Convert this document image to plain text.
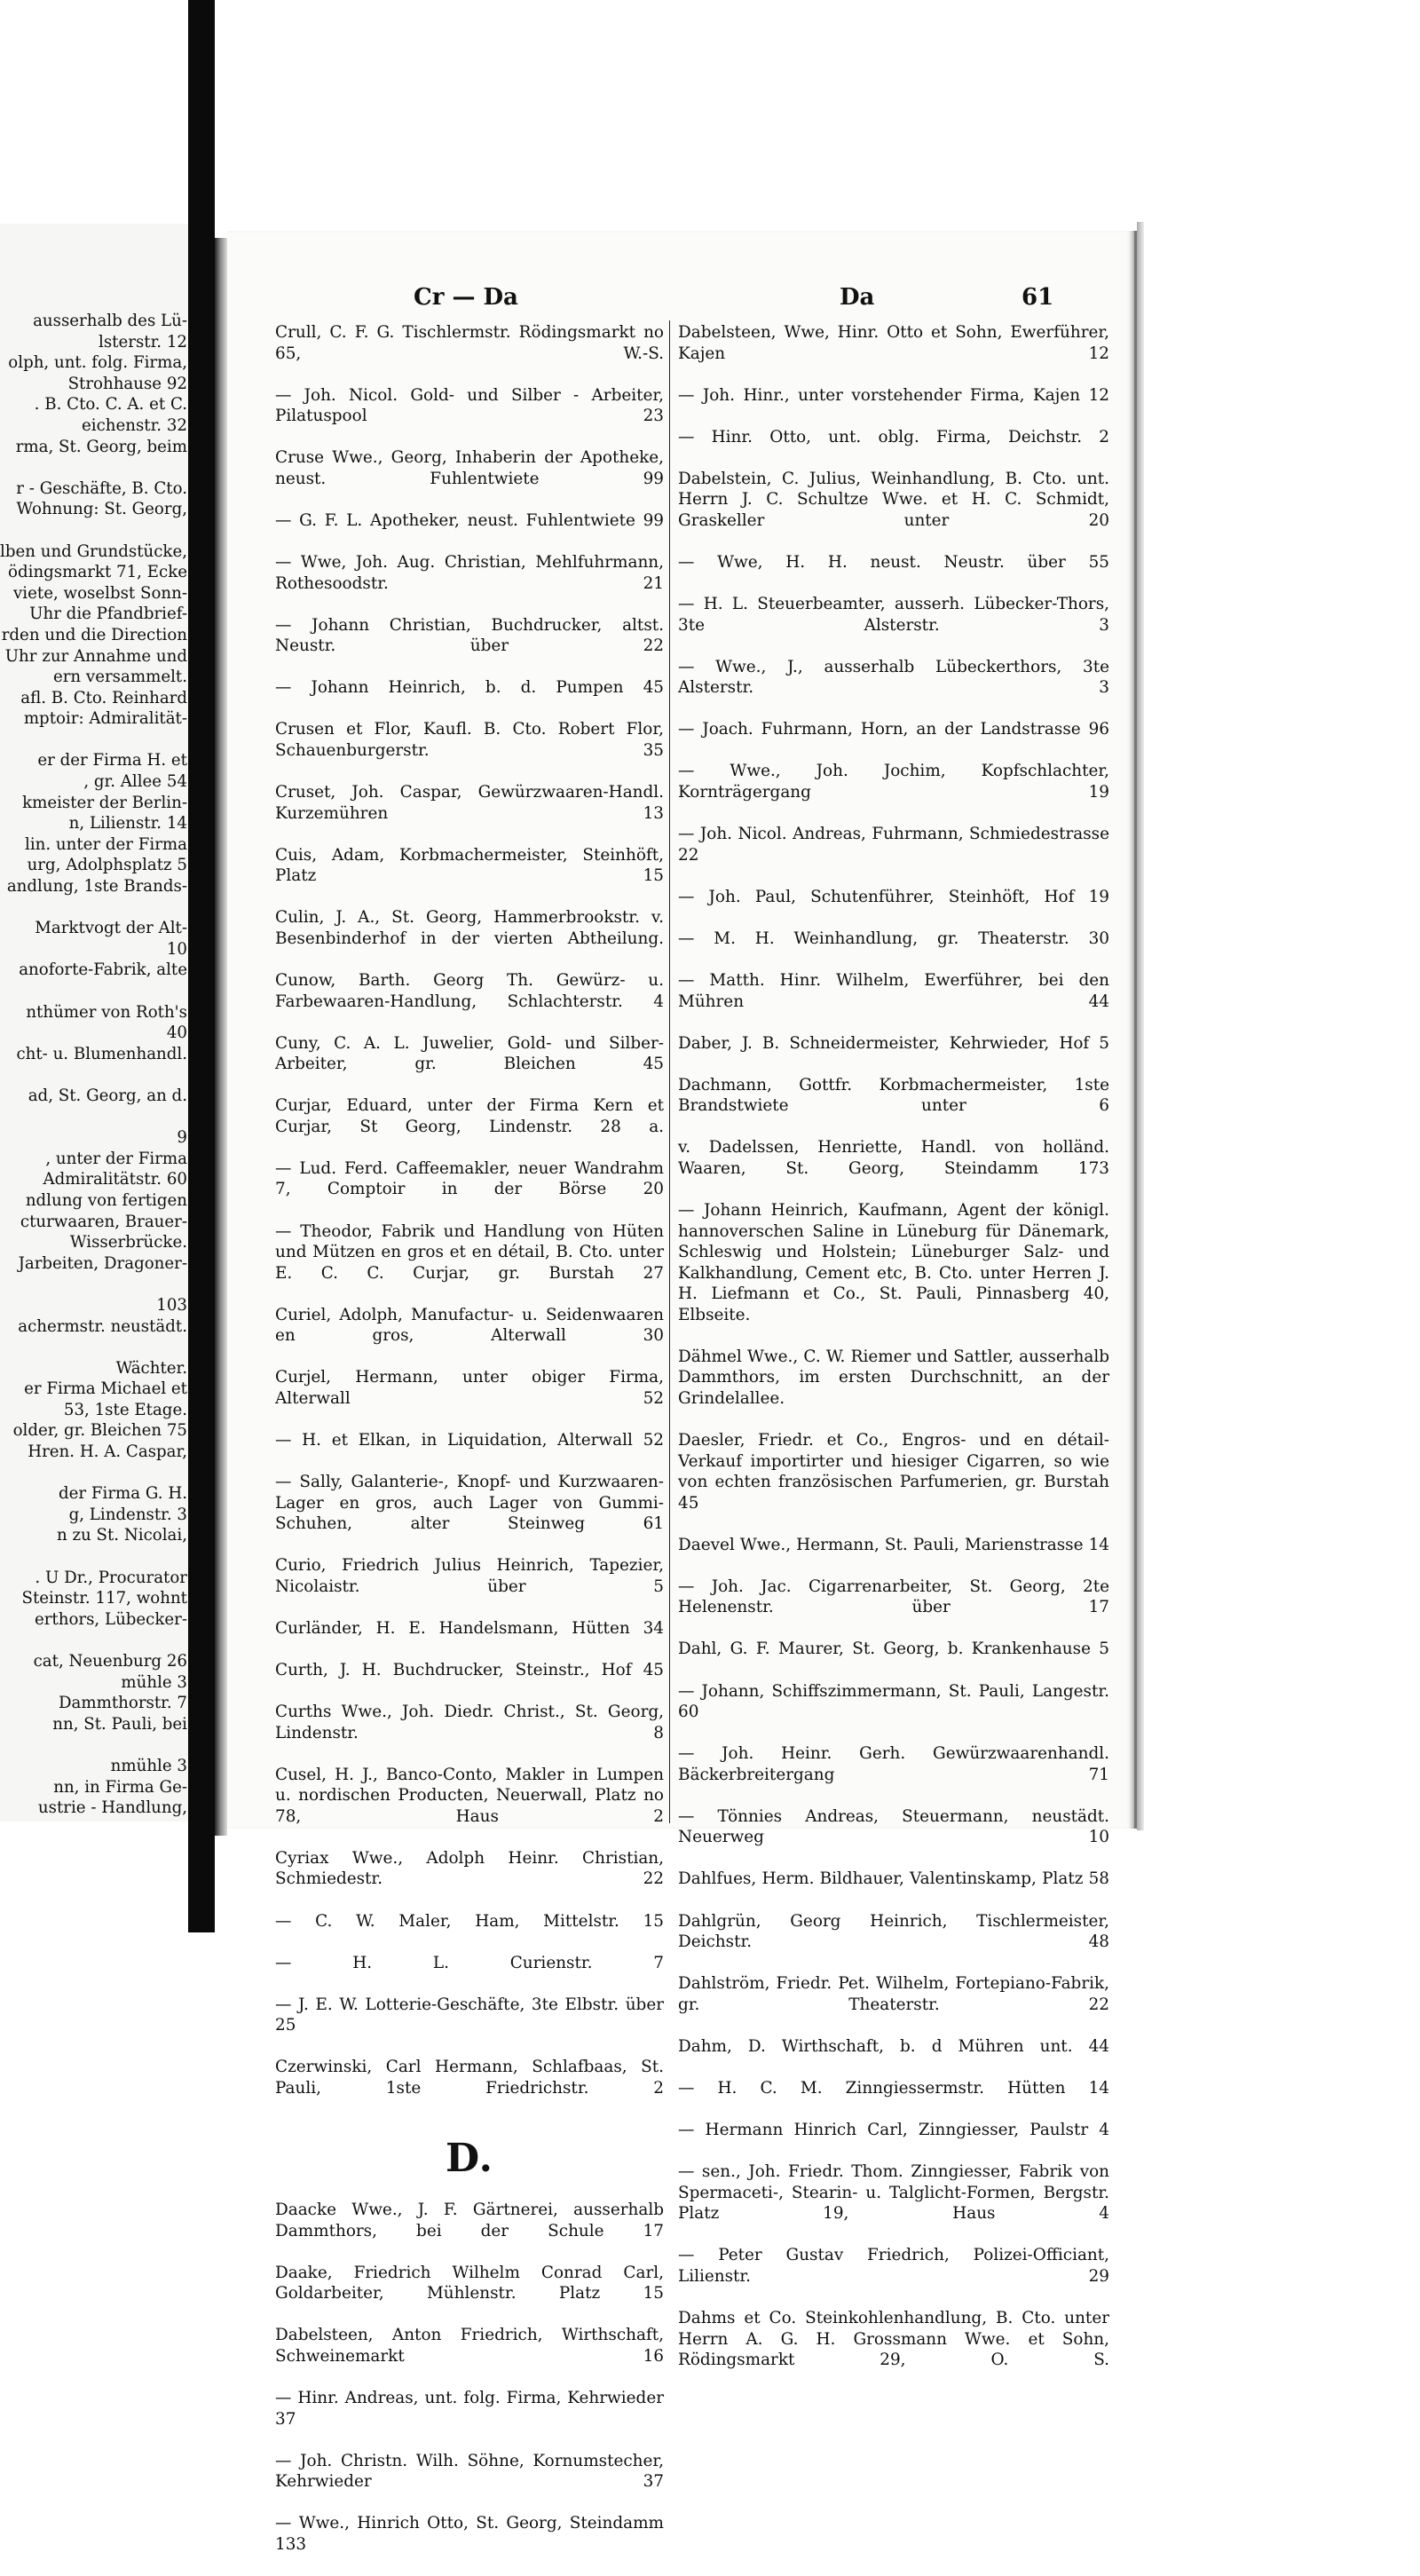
ausserhalb des Lü-
lsterstr. 12
olph, unt. folg. Firma,
Strohhause 92
. B. Cto. C. A. et C.
eichenstr. 32
rma, St. Georg, beim

r - Geschäfte, B. Cto.
Wohnung: St. Georg,

lben und Grundstücke,
ödingsmarkt 71, Ecke
viete, woselbst Sonn-
Uhr die Pfandbrief-
rden und die Direction
Uhr zur Annahme und
ern versammelt.
afl. B. Cto. Reinhard
mptoir: Admiralität-

er der Firma H. et
, gr. Allee 54
kmeister der Berlin-
n, Lilienstr. 14
lin. unter der Firma
urg, Adolphsplatz 5
andlung, 1ste Brands-

Marktvogt der Alt-
10
anoforte-Fabrik, alte

nthümer von Roth's
40
cht- u. Blumenhandl.

ad, St. Georg, an d.

9
, unter der Firma
Admiralitätstr. 60
ndlung von fertigen
cturwaaren, Brauer-
Wisserbrücke.
Jarbeiten, Dragoner-

103
achermstr. neustädt.

Wächter.
er Firma Michael et
53, 1ste Etage.
older, gr. Bleichen 75
Hren. H. A. Caspar,

der Firma G. H.
g, Lindenstr. 3
n zu St. Nicolai,

. U Dr., Procurator
Steinstr. 117, wohnt
erthors, Lübecker-

cat, Neuenburg 26
mühle 3
Dammthorstr. 7
nn, St. Pauli, bei

nmühle 3
nn, in Firma Ge-
ustrie - Handlung,
Cr — Da	Da	61
Crull, C. F. G. Tischlermstr. Rödingsmarkt no 65, W.-S.
— Joh. Nicol. Gold- und Silber - Arbeiter, Pilatuspool 23
Cruse Wwe., Georg, Inhaberin der Apotheke, neust. Fuhlentwiete 99
— G. F. L. Apotheker, neust. Fuhlentwiete 99
— Wwe, Joh. Aug. Christian, Mehlfuhrmann, Rothesoodstr. 21
— Johann Christian, Buchdrucker, altst. Neustr. über 22
— Johann Heinrich, b. d. Pumpen 45
Crusen et Flor, Kaufl. B. Cto. Robert Flor, Schauenburgerstr. 35
Cruset, Joh. Caspar, Gewürzwaaren-Handl. Kurzemühren 13
Cuis, Adam, Korbmachermeister, Steinhöft, Platz 15
Culin, J. A., St. Georg, Hammerbrookstr. v. Besenbinderhof in der vierten Abtheilung.
Cunow, Barth. Georg Th. Gewürz- u. Farbewaaren-Handlung, Schlachterstr. 4
Cuny, C. A. L. Juwelier, Gold- und Silber-Arbeiter, gr. Bleichen 45
Curjar, Eduard, unter der Firma Kern et Curjar, St Georg, Lindenstr. 28 a.
— Lud. Ferd. Caffeemakler, neuer Wandrahm 7, Comptoir in der Börse 20
— Theodor, Fabrik und Handlung von Hüten und Mützen en gros et en détail, B. Cto. unter E. C. C. Curjar, gr. Burstah 27
Curiel, Adolph, Manufactur- u. Seidenwaaren en gros, Alterwall 30
Curjel, Hermann, unter obiger Firma, Alterwall 52
— H. et Elkan, in Liquidation, Alterwall 52
— Sally, Galanterie-, Knopf- und Kurzwaaren-Lager en gros, auch Lager von Gummi-Schuhen, alter Steinweg 61
Curio, Friedrich Julius Heinrich, Tapezier, Nicolaistr. über 5
Curländer, H. E. Handelsmann, Hütten 34
Curth, J. H. Buchdrucker, Steinstr., Hof 45
Curths Wwe., Joh. Diedr. Christ., St. Georg, Lindenstr. 8
Cusel, H. J., Banco-Conto, Makler in Lumpen u. nordischen Producten, Neuerwall, Platz no 78, Haus 2
Cyriax Wwe., Adolph Heinr. Christian, Schmiedestr. 22
— C. W. Maler, Ham, Mittelstr. 15
— H. L. Curienstr. 7
— J. E. W. Lotterie-Geschäfte, 3te Elbstr. über 25
Czerwinski, Carl Hermann, Schlafbaas, St. Pauli, 1ste Friedrichstr. 2
D.
Daacke Wwe., J. F. Gärtnerei, ausserhalb Dammthors, bei der Schule 17
Daake, Friedrich Wilhelm Conrad Carl, Goldarbeiter, Mühlenstr. Platz 15
Dabelsteen, Anton Friedrich, Wirthschaft, Schweinemarkt 16
— Hinr. Andreas, unt. folg. Firma, Kehrwieder 37
— Joh. Christn. Wilh. Söhne, Kornumstecher, Kehrwieder 37
— Wwe., Hinrich Otto, St. Georg, Steindamm 133
Dabelsteen, Wwe, Hinr. Otto et Sohn, Ewerführer, Kajen 12
— Joh. Hinr., unter vorstehender Firma, Kajen 12
— Hinr. Otto, unt. oblg. Firma, Deichstr. 2
Dabelstein, C. Julius, Weinhandlung, B. Cto. unt. Herrn J. C. Schultze Wwe. et H. C. Schmidt, Graskeller unter 20
— Wwe, H. H. neust. Neustr. über 55
— H. L. Steuerbeamter, ausserh. Lübecker-Thors, 3te Alsterstr. 3
— Wwe., J., ausserhalb Lübeckerthors, 3te Alsterstr. 3
— Joach. Fuhrmann, Horn, an der Landstrasse 96
— Wwe., Joh. Jochim, Kopfschlachter, Kornträgergang 19
— Joh. Nicol. Andreas, Fuhrmann, Schmiedestrasse 22
— Joh. Paul, Schutenführer, Steinhöft, Hof 19
— M. H. Weinhandlung, gr. Theaterstr. 30
— Matth. Hinr. Wilhelm, Ewerführer, bei den Mühren 44
Daber, J. B. Schneidermeister, Kehrwieder, Hof 5
Dachmann, Gottfr. Korbmachermeister, 1ste Brandstwiete unter 6
v. Dadelssen, Henriette, Handl. von holländ. Waaren, St. Georg, Steindamm 173
— Johann Heinrich, Kaufmann, Agent der königl. hannoverschen Saline in Lüneburg für Dänemark, Schleswig und Holstein; Lüneburger Salz- und Kalkhandlung, Cement etc, B. Cto. unter Herren J. H. Liefmann et Co., St. Pauli, Pinnasberg 40, Elbseite.
Dähmel Wwe., C. W. Riemer und Sattler, ausserhalb Dammthors, im ersten Durchschnitt, an der Grindelallee.
Daesler, Friedr. et Co., Engros- und en détail-Verkauf importirter und hiesiger Cigarren, so wie von echten französischen Parfumerien, gr. Burstah 45
Daevel Wwe., Hermann, St. Pauli, Marienstrasse 14
— Joh. Jac. Cigarrenarbeiter, St. Georg, 2te Helenenstr. über 17
Dahl, G. F. Maurer, St. Georg, b. Krankenhause 5
— Johann, Schiffszimmermann, St. Pauli, Langestr. 60
— Joh. Heinr. Gerh. Gewürzwaarenhandl. Bäckerbreitergang 71
— Tönnies Andreas, Steuermann, neustädt. Neuerweg 10
Dahlfues, Herm. Bildhauer, Valentinskamp, Platz 58
Dahlgrün, Georg Heinrich, Tischlermeister, Deichstr. 48
Dahlström, Friedr. Pet. Wilhelm, Fortepiano-Fabrik, gr. Theaterstr. 22
Dahm, D. Wirthschaft, b. d Mühren unt. 44
— H. C. M. Zinngiessermstr. Hütten 14
— Hermann Hinrich Carl, Zinngiesser, Paulstr 4
— sen., Joh. Friedr. Thom. Zinngiesser, Fabrik von Spermaceti-, Stearin- u. Talglicht-Formen, Bergstr. Platz 19, Haus 4
— Peter Gustav Friedrich, Polizei-Officiant, Lilienstr. 29
Dahms et Co. Steinkohlenhandlung, B. Cto. unter Herrn A. G. H. Grossmann Wwe. et Sohn, Rödingsmarkt 29, O. S.
